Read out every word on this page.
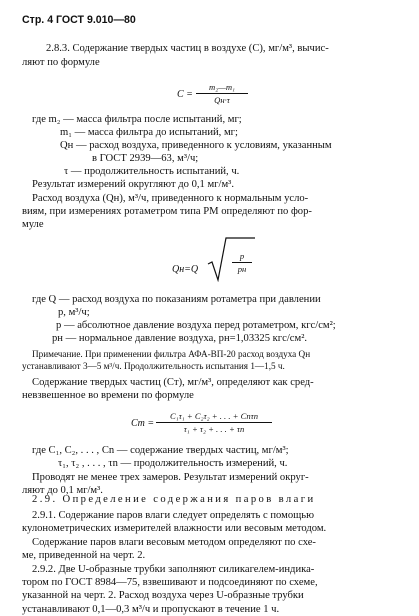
Стр. 4 ГОСТ 9.010—80
2.8.3. Содержание твердых частиц в воздухе (C), мг/м³, вычис-
ляют по формуле
C =
m₂—m₁
Qн·τ
где m₂ — масса фильтра после испытаний, мг;
m₁ — масса фильтра до испытаний, мг;
Qн — расход воздуха, приведенного к условиям, указанным
в ГОСТ 2939—63, м³/ч;
τ — продолжительность испытаний, ч.
Результат измерений округляют до 0,1 мг/м³.
Расход воздуха (Qн), м³/ч, приведенного к нормальным усло-
виям, при измерениях ротаметром типа РМ определяют по фор-
муле
Qн=Q
p
pн
где Q — расход воздуха по показаниям ротаметра при давлении
p, м³/ч;
p — абсолютное давление воздуха перед ротаметром, кгс/см²;
pн — нормальное давление воздуха, pн=1,03325 кгс/см².
Примечание. При применении фильтра АФА-ВП-20 расход воздуха Qн
устанавливают 3—5 м³/ч. Продолжительность испытания 1—1,5 ч.
Содержание твердых частиц (Cт), мг/м³, определяют как сред-
невзвешенное во времени по формуле
Cт =
C₁τ₁ + C₂τ₂ + . . . + Cnτn
τ₁ + τ₂ + . . . + τn
где C₁, C₂, . . . , Cn — содержание твердых частиц, мг/м³;
τ₁, τ₂ , . . . , τn — продолжительность измерений, ч.
Проводят не менее трех замеров. Результат измерений округ-
ляют до 0,1 мг/м³.
2.9. Определение содержания паров влаги
2.9.1. Содержание паров влаги следует определять с помощью
кулонометрических измерителей влажности или весовым методом.
Содержание паров влаги весовым методом определяют по схе-
ме, приведенной на черт. 2.
2.9.2. Две U-образные трубки заполняют силикагелем-индика-
тором по ГОСТ 8984—75, взвешивают и подсоединяют по схеме,
указанной на черт. 2. Расход воздуха через U-образные трубки
устанавливают 0,1—0,3 м³/ч и пропускают в течение 1 ч.
